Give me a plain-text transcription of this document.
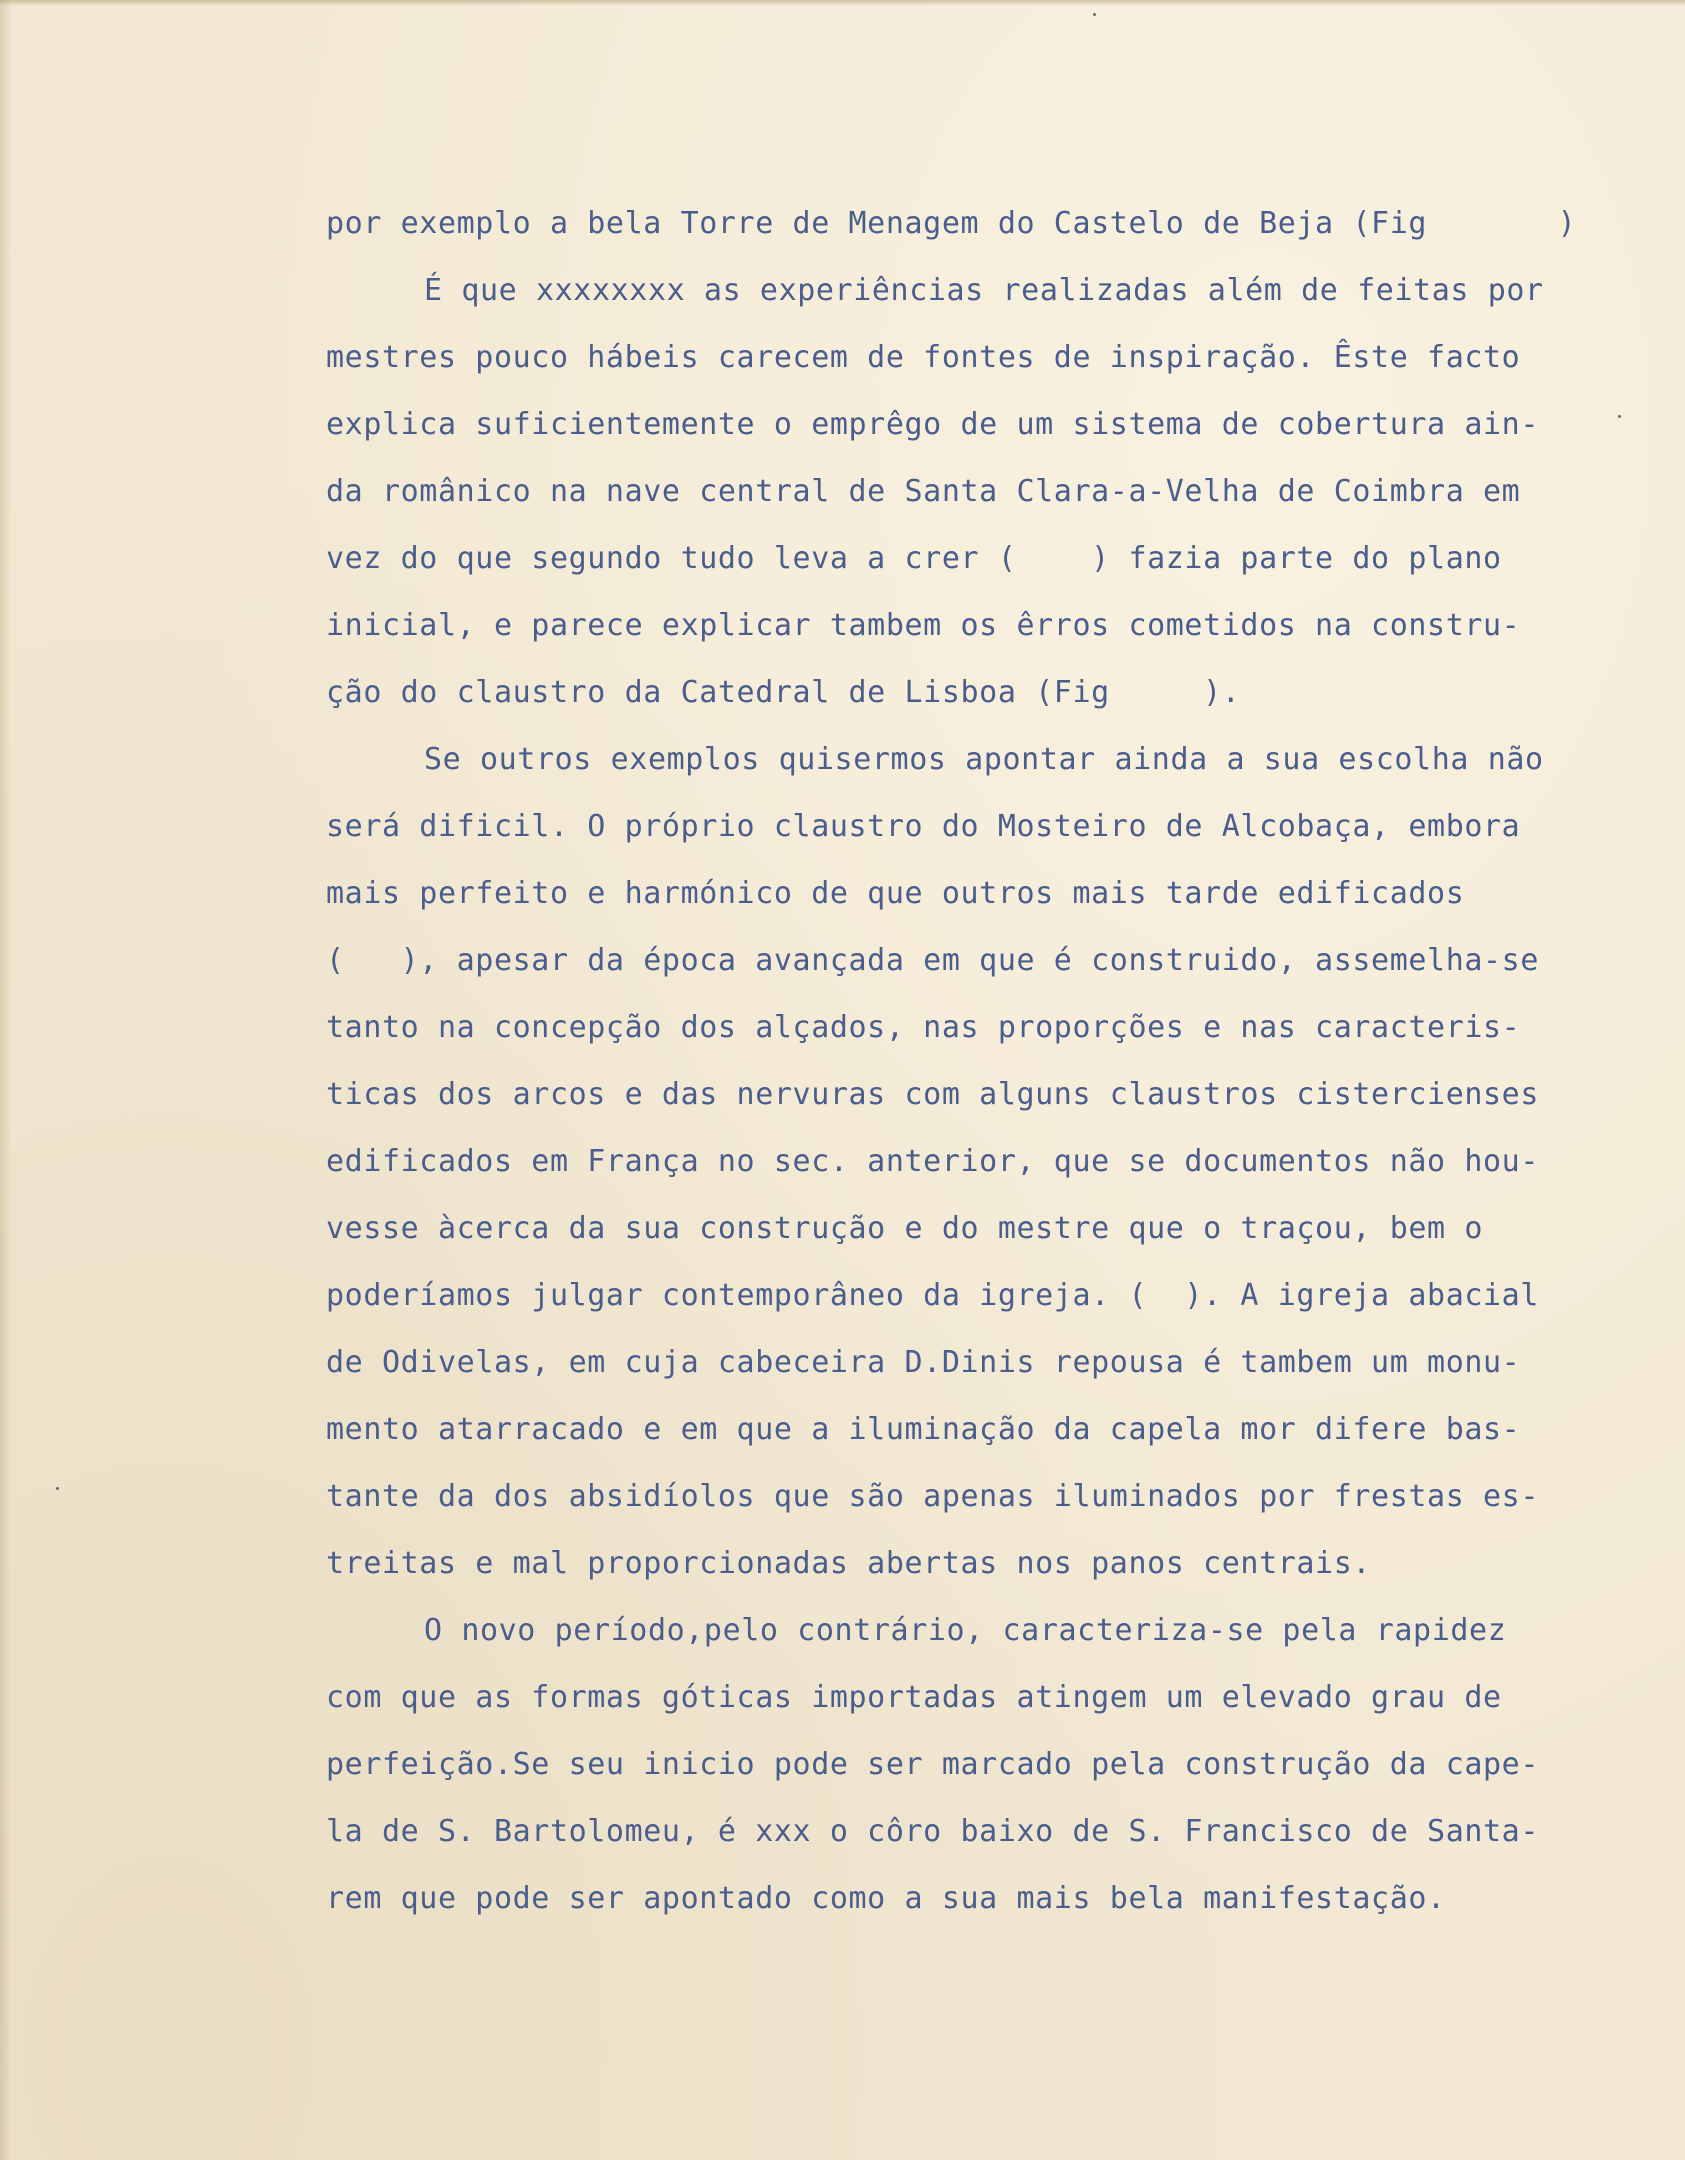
por exemplo a bela Torre de Menagem do Castelo de Beja (Fig       )
É que xxxxxxxx as experiências realizadas além de feitas por
mestres pouco hábeis carecem de fontes de inspiração. Êste facto
explica suficientemente o emprêgo de um sistema de cobertura ain-
da românico na nave central de Santa Clara-a-Velha de Coimbra em
vez do que segundo tudo leva a crer (    ) fazia parte do plano
inicial, e parece explicar tambem os êrros cometidos na constru-
ção do claustro da Catedral de Lisboa (Fig     ).
Se outros exemplos quisermos apontar ainda a sua escolha não
será dificil. O próprio claustro do Mosteiro de Alcobaça, embora
mais perfeito e harmónico de que outros mais tarde edificados
(   ), apesar da época avançada em que é construido, assemelha-se
tanto na concepção dos alçados, nas proporções e nas caracteris-
ticas dos arcos e das nervuras com alguns claustros cistercienses
edificados em França no sec. anterior, que se documentos não hou-
vesse àcerca da sua construção e do mestre que o traçou, bem o
poderíamos julgar contemporâneo da igreja. (  ). A igreja abacial
de Odivelas, em cuja cabeceira D.Dinis repousa é tambem um monu-
mento atarracado e em que a iluminação da capela mor difere bas-
tante da dos absidíolos que são apenas iluminados por frestas es-
treitas e mal proporcionadas abertas nos panos centrais.
O novo período,pelo contrário, caracteriza-se pela rapidez
com que as formas góticas importadas atingem um elevado grau de
perfeição.Se seu inicio pode ser marcado pela construção da cape-
la de S. Bartolomeu, é xxx o côro baixo de S. Francisco de Santa-
rem que pode ser apontado como a sua mais bela manifestação.
